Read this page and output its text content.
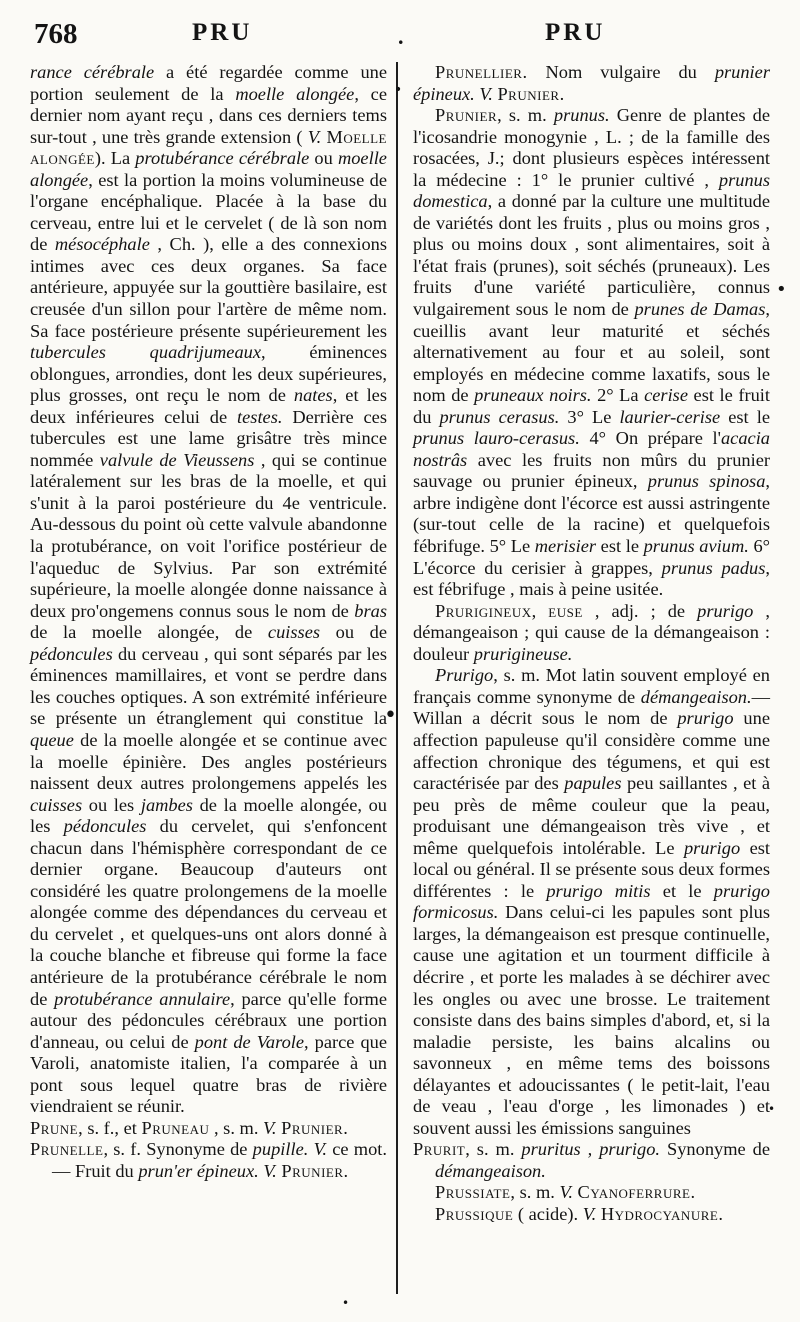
768	PRU	.	PRU

rance cérébrale a été regardée comme une portion seulement de la moelle alongée, ce dernier nom ayant reçu , dans ces derniers tems sur-tout , une très grande extension ( V. Moelle alongée). La protubérance cérébrale ou moelle alongée, est la portion la moins volumineuse de l'organe encéphalique. Placée à la base du cerveau, entre lui et le cervelet ( de là son nom de mésocéphale , Ch. ), elle a des connexions intimes avec ces deux organes. Sa face antérieure, appuyée sur la gouttière basilaire, est creusée d'un sillon pour l'artère de même nom. Sa face postérieure présente supérieurement les tubercules quadrijumeaux, éminences oblongues, arrondies, dont les deux supérieures, plus grosses, ont reçu le nom de nates, et les deux inférieures celui de testes. Derrière ces tubercules est une lame grisâtre très mince nommée valvule de Vieussens , qui se continue latéralement sur les bras de la moelle, et qui s'unit à la paroi postérieure du 4e ventricule. Au-dessous du point où cette valvule abandonne la protubérance, on voit l'orifice postérieur de l'aqueduc de Sylvius. Par son extrémité supérieure, la moelle alongée donne naissance à deux pro'ongemens connus sous le nom de bras de la moelle alongée, de cuisses ou de pédoncules du cerveau , qui sont séparés par les éminences mamillaires, et vont se perdre dans les couches optiques. A son extrémité inférieure se présente un étranglement qui constitue la queue de la moelle alongée et se continue avec la moelle épinière. Des angles postérieurs naissent deux autres prolongemens appelés les cuisses ou les jambes de la moelle alongée, ou les pédoncules du cervelet, qui s'enfoncent chacun dans l'hémisphère correspondant de ce dernier organe. Beaucoup d'auteurs ont considéré les quatre prolongemens de la moelle alongée comme des dépendances du cerveau et du cervelet , et quelques-uns ont alors donné à la couche blanche et fibreuse qui forme la face antérieure de la protubérance cérébrale le nom de protubérance annulaire, parce qu'elle forme autour des pédoncules cérébraux une portion d'anneau, ou celui de pont de Varole, parce que Varoli, anatomiste italien, l'a comparée à un pont sous lequel quatre bras de rivière viendraient se réunir.

Prune, s. f., et Pruneau , s. m. V. Prunier.

Prunelle, s. f. Synonyme de pupille. V. ce mot. — Fruit du prun'er épineux. V. Prunier.

Prunellier. Nom vulgaire du prunier épineux. V. Prunier.

Prunier, s. m. prunus. Genre de plantes de l'icosandrie monogynie , L. ; de la famille des rosacées, J.; dont plusieurs espèces intéressent la médecine : 1° le prunier cultivé , prunus domestica, a donné par la culture une multitude de variétés dont les fruits , plus ou moins gros , plus ou moins doux , sont alimentaires, soit à l'état frais (prunes), soit séchés (pruneaux). Les fruits d'une variété particulière, connus vulgairement sous le nom de prunes de Damas, cueillis avant leur maturité et séchés alternativement au four et au soleil, sont employés en médecine comme laxatifs, sous le nom de pruneaux noirs. 2° La cerise est le fruit du prunus cerasus. 3° Le laurier-cerise est le prunus lauro-cerasus. 4° On prépare l'acacia nostrâs avec les fruits non mûrs du prunier sauvage ou prunier épineux, prunus spinosa, arbre indigène dont l'écorce est aussi astringente (sur-tout celle de la racine) et quelquefois fébrifuge. 5° Le merisier est le prunus avium. 6° L'écorce du cerisier à grappes, prunus padus, est fébrifuge , mais à peine usitée.

Prurigineux, euse , adj. ; de prurigo , démangeaison ; qui cause de la démangeaison : douleur prurigineuse.

Prurigo, s. m. Mot latin souvent employé en français comme synonyme de démangeaison.—Willan a décrit sous le nom de prurigo une affection papuleuse qu'il considère comme une affection chronique des tégumens, et qui est caractérisée par des papules peu saillantes , et à peu près de même couleur que la peau, produisant une démangeaison très vive , et même quelquefois intolérable. Le prurigo est local ou général. Il se présente sous deux formes différentes : le prurigo mitis et le prurigo formicosus. Dans celui-ci les papules sont plus larges, la démangeaison est presque continuelle, cause une agitation et un tourment difficile à décrire , et porte les malades à se déchirer avec les ongles ou avec une brosse. Le traitement consiste dans des bains simples d'abord, et, si la maladie persiste, les bains alcalins ou savonneux , en même tems des boissons délayantes et adoucissantes ( le petit-lait, l'eau de veau , l'eau d'orge , les limonades ) et souvent aussi les émissions sanguines

Prurit, s. m. pruritus , prurigo. Synonyme de démangeaison.

Prussiate, s. m. V. Cyanoferrure.

Prussique ( acide). V. Hydrocyanure.

•
•
•
•
•
